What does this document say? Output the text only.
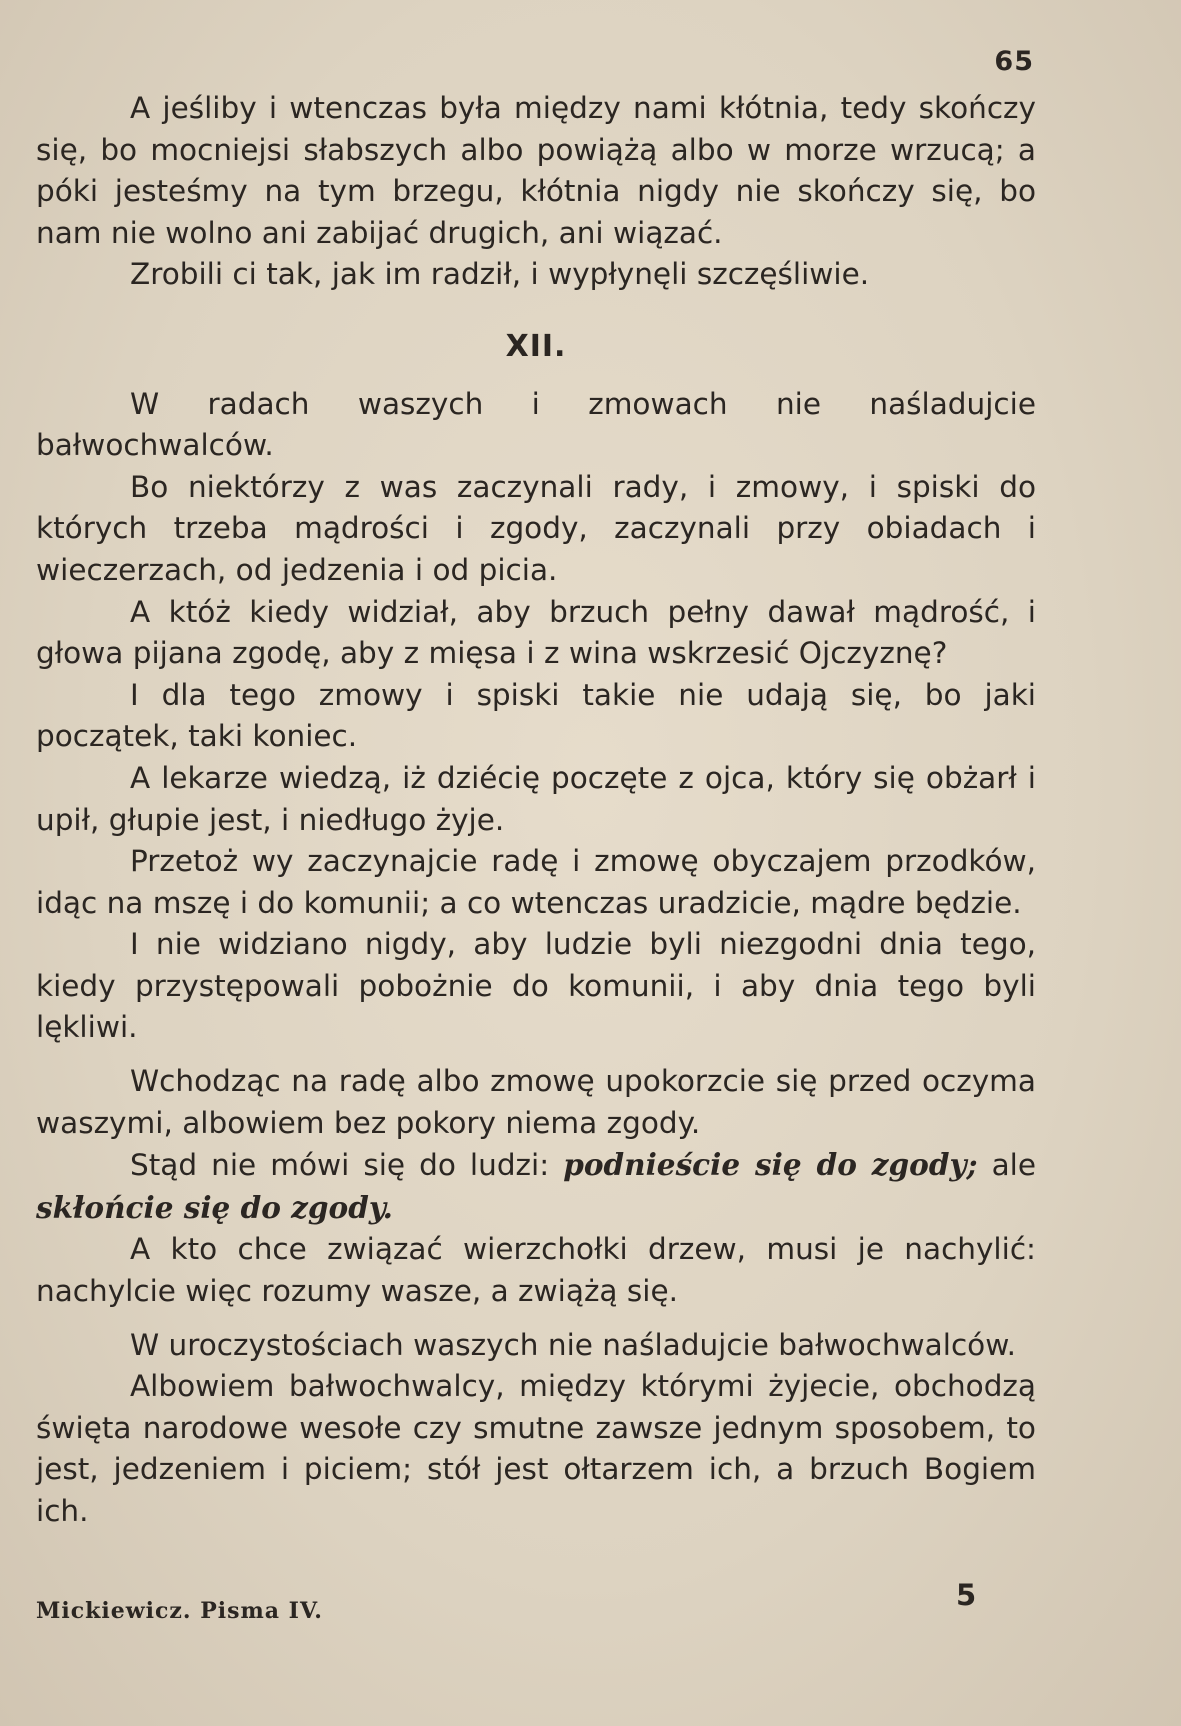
65

A jeśliby i wtenczas była między nami kłótnia, tedy skończy się, bo mocniejsi słabszych albo powiążą albo w morze wrzucą; a póki jesteśmy na tym brzegu, kłótnia nigdy nie skończy się, bo nam nie wolno ani zabijać drugich, ani wiązać.

Zrobili ci tak, jak im radził, i wypłynęli szczęśliwie.

XII.

W radach waszych i zmowach nie naśladujcie bałwochwalców.

Bo niektórzy z was zaczynali rady, i zmowy, i spiski do których trzeba mądrości i zgody, zaczynali przy obiadach i wieczerzach, od jedzenia i od picia.

A któż kiedy widział, aby brzuch pełny dawał mądrość, i głowa pijana zgodę, aby z mięsa i z wina wskrzesić Ojczyznę?

I dla tego zmowy i spiski takie nie udają się, bo jaki początek, taki koniec.

A lekarze wiedzą, iż dziécię poczęte z ojca, który się obżarł i upił, głupie jest, i niedługo żyje.

Przetoż wy zaczynajcie radę i zmowę obyczajem przodków, idąc na mszę i do komunii; a co wtenczas uradzicie, mądre będzie.

I nie widziano nigdy, aby ludzie byli niezgodni dnia tego, kiedy przystępowali pobożnie do komunii, i aby dnia tego byli lękliwi.

Wchodząc na radę albo zmowę upokorzcie się przed oczyma waszymi, albowiem bez pokory niema zgody.

Stąd nie mówi się do ludzi: podnieście się do zgody; ale skłońcie się do zgody.

A kto chce związać wierzchołki drzew, musi je nachylić: nachylcie więc rozumy wasze, a zwiążą się.

W uroczystościach waszych nie naśladujcie bałwochwalców.

Albowiem bałwochwalcy, między którymi żyjecie, obchodzą święta narodowe wesołe czy smutne zawsze jednym sposobem, to jest, jedzeniem i piciem; stół jest ołtarzem ich, a brzuch Bogiem ich.

Mickiewicz. Pisma IV.	5
